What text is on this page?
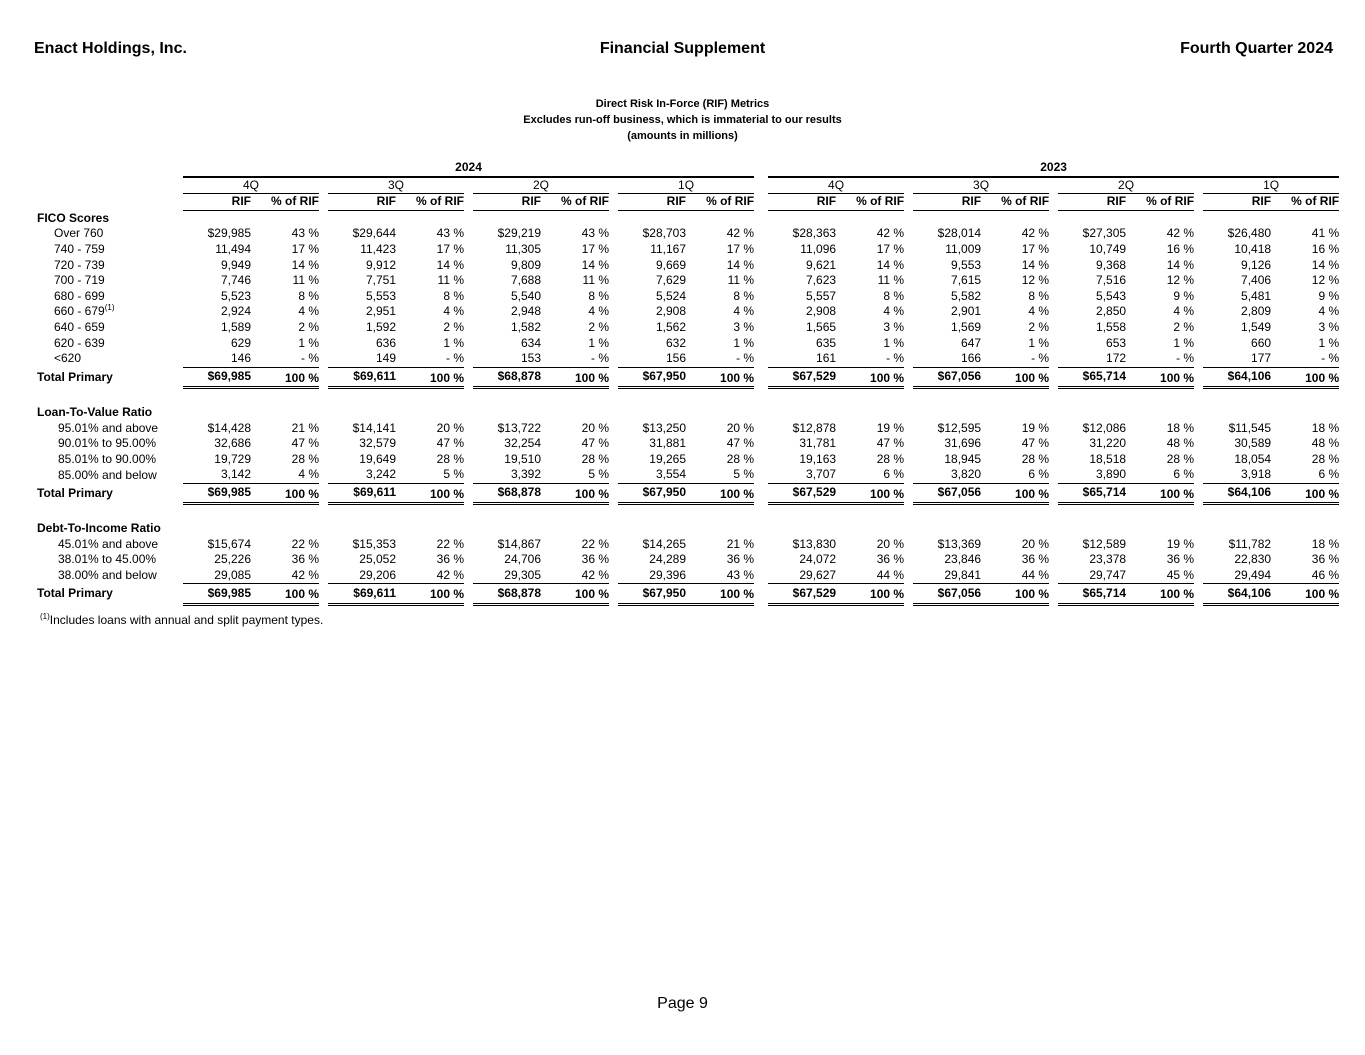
Enact Holdings, Inc.	Financial Supplement	Fourth Quarter 2024
Direct Risk In-Force (RIF) Metrics
Excludes run-off business, which is immaterial to our results
(amounts in millions)
	2024												2023										
	4Q			3Q			2Q			1Q			4Q			3Q			2Q			1Q	
	RIF	% of RIF		RIF	% of RIF		RIF	% of RIF		RIF	% of RIF		RIF	% of RIF		RIF	% of RIF		RIF	% of RIF		RIF	% of RIF
FICO Scores																							
Over 760	$29,985	43 %		$29,644	43 %		$29,219	43 %		$28,703	42 %		$28,363	42 %		$28,014	42 %		$27,305	42 %		$26,480	41 %
740 - 759	11,494	17 %		11,423	17 %		11,305	17 %		11,167	17 %		11,096	17 %		11,009	17 %		10,749	16 %		10,418	16 %
720 - 739	9,949	14 %		9,912	14 %		9,809	14 %		9,669	14 %		9,621	14 %		9,553	14 %		9,368	14 %		9,126	14 %
700 - 719	7,746	11 %		7,751	11 %		7,688	11 %		7,629	11 %		7,623	11 %		7,615	12 %		7,516	12 %		7,406	12 %
680 - 699	5,523	8 %		5,553	8 %		5,540	8 %		5,524	8 %		5,557	8 %		5,582	8 %		5,543	9 %		5,481	9 %
660 - 679$^{(1)}$	2,924	4 %		2,951	4 %		2,948	4 %		2,908	4 %		2,908	4 %		2,901	4 %		2,850	4 %		2,809	4 %
640 - 659	1,589	2 %		1,592	2 %		1,582	2 %		1,562	3 %		1,565	3 %		1,569	2 %		1,558	2 %		1,549	3 %
620 - 639	629	1 %		636	1 %		634	1 %		632	1 %		635	1 %		647	1 %		653	1 %		660	1 %
<620	146	- %		149	- %		153	- %		156	- %		161	- %		166	- %		172	- %		177	- %
Total Primary	$69,985	100 %		$69,611	100 %		$68,878	100 %		$67,950	100 %		$67,529	100 %		$67,056	100 %		$65,714	100 %		$64,106	100 %

Loan-To-Value Ratio																							
95.01% and above	$14,428	21 %		$14,141	20 %		$13,722	20 %		$13,250	20 %		$12,878	19 %		$12,595	19 %		$12,086	18 %		$11,545	18 %
90.01% to 95.00%	32,686	47 %		32,579	47 %		32,254	47 %		31,881	47 %		31,781	47 %		31,696	47 %		31,220	48 %		30,589	48 %
85.01% to 90.00%	19,729	28 %		19,649	28 %		19,510	28 %		19,265	28 %		19,163	28 %		18,945	28 %		18,518	28 %		18,054	28 %
85.00% and below	3,142	4 %		3,242	5 %		3,392	5 %		3,554	5 %		3,707	6 %		3,820	6 %		3,890	6 %		3,918	6 %
Total Primary	$69,985	100 %		$69,611	100 %		$68,878	100 %		$67,950	100 %		$67,529	100 %		$67,056	100 %		$65,714	100 %		$64,106	100 %

Debt-To-Income Ratio																							
45.01% and above	$15,674	22 %		$15,353	22 %		$14,867	22 %		$14,265	21 %		$13,830	20 %		$13,369	20 %		$12,589	19 %		$11,782	18 %
38.01% to 45.00%	25,226	36 %		25,052	36 %		24,706	36 %		24,289	36 %		24,072	36 %		23,846	36 %		23,378	36 %		22,830	36 %
38.00% and below	29,085	42 %		29,206	42 %		29,305	42 %		29,396	43 %		29,627	44 %		29,841	44 %		29,747	45 %		29,494	46 %
Total Primary	$69,985	100 %		$69,611	100 %		$68,878	100 %		$67,950	100 %		$67,529	100 %		$67,056	100 %		$65,714	100 %		$64,106	100 %
$^{(1)}$Includes loans with annual and split payment types.
Page 9
